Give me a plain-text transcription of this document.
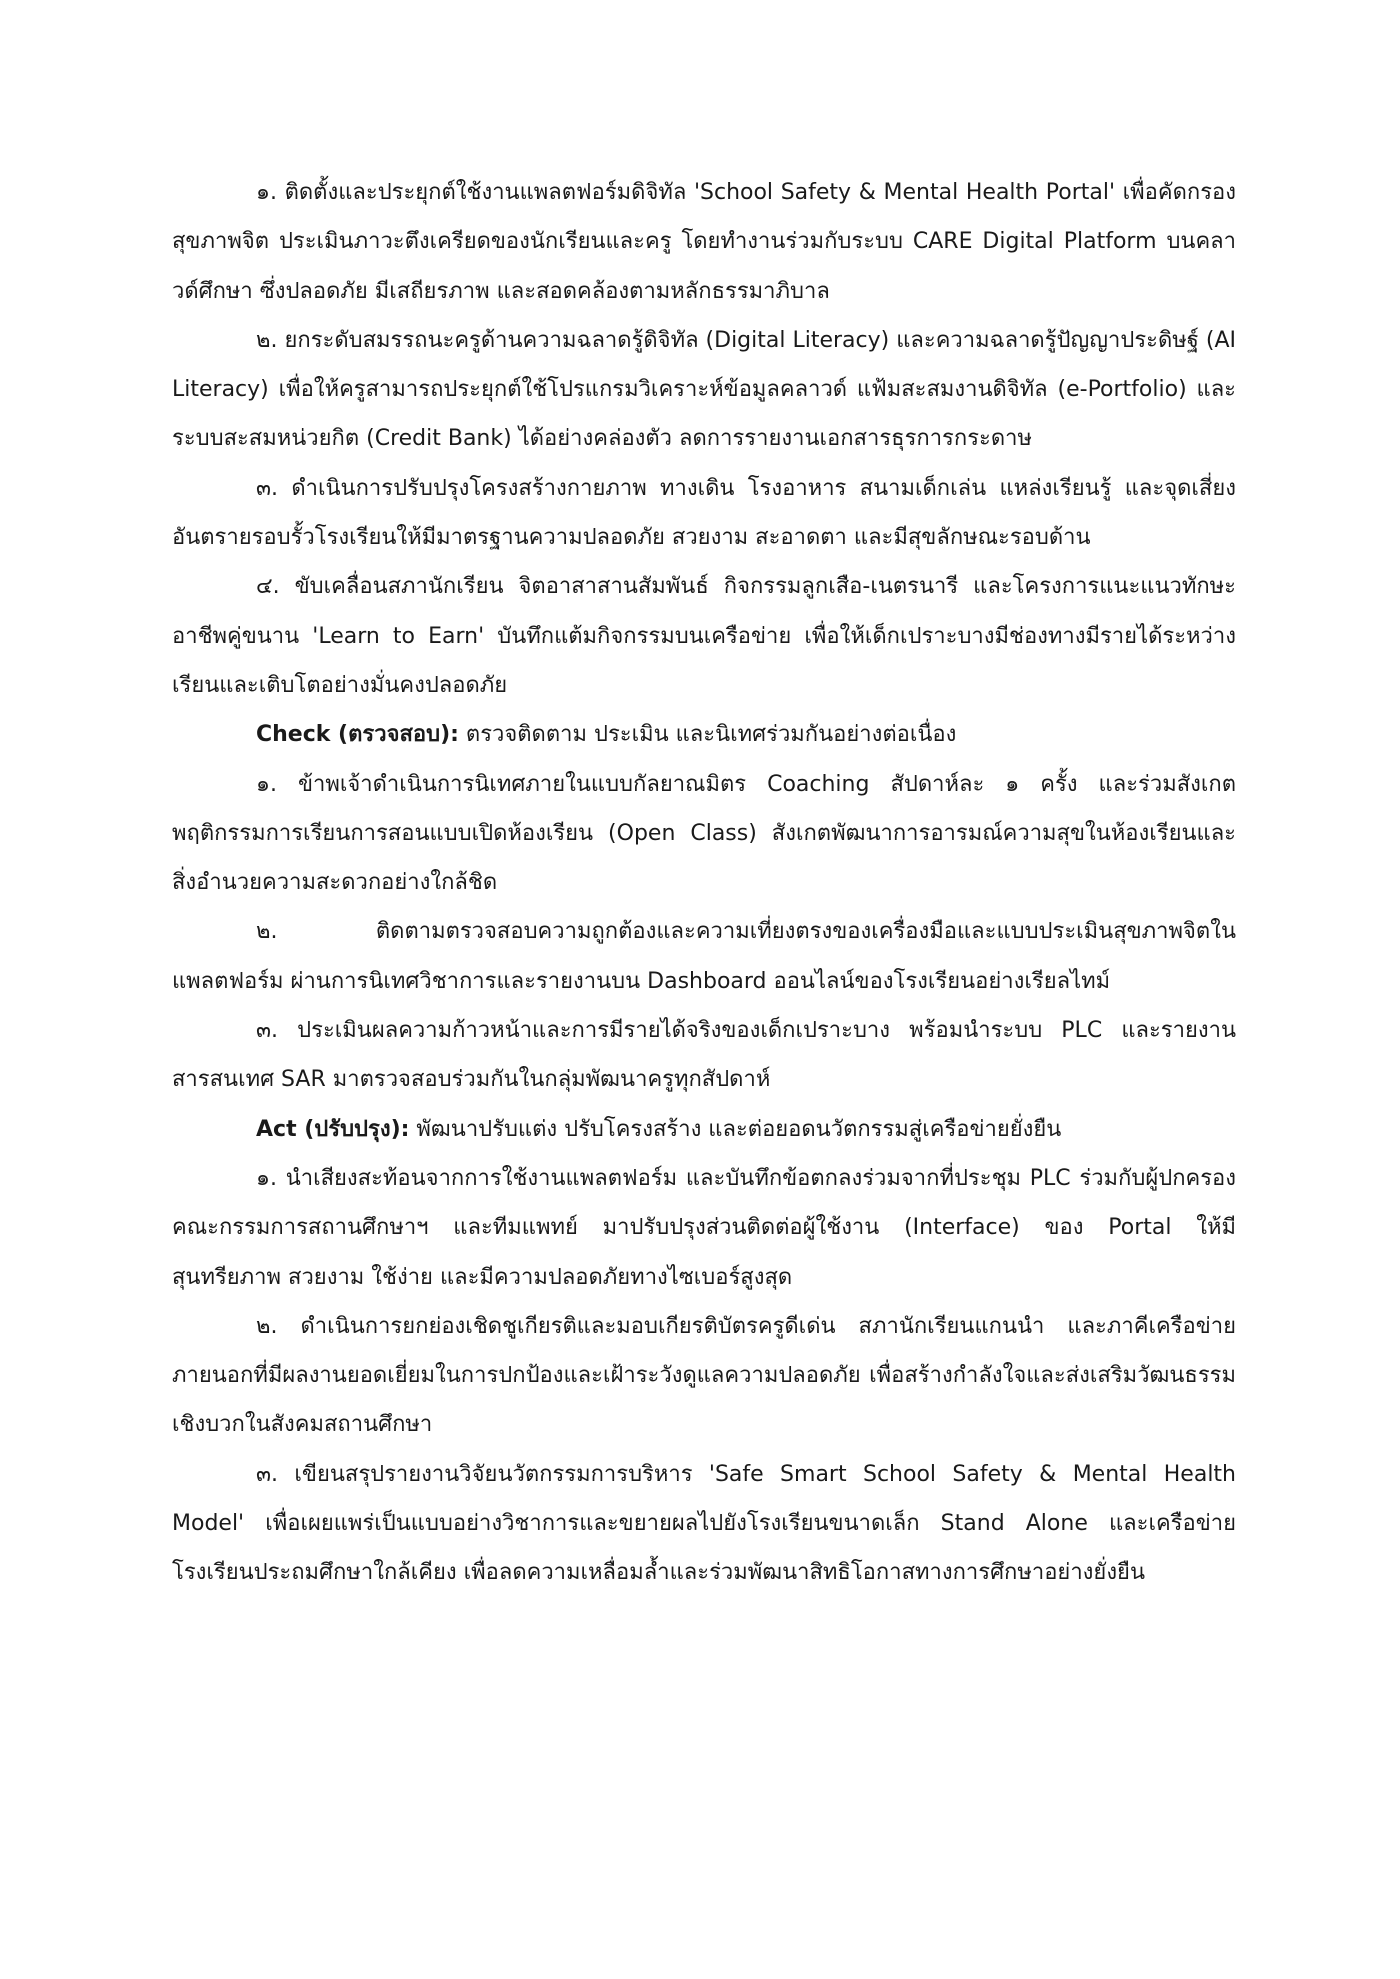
๑. ติดตั้งและประยุกต์ใช้งานแพลตฟอร์มดิจิทัล 'School Safety & Mental Health Portal' เพื่อคัดกรองสุขภาพจิต ประเมินภาวะตึงเครียดของนักเรียนและครู โดยทำงานร่วมกับระบบ CARE Digital Platform บนคลาวด์ศึกษา ซึ่งปลอดภัย มีเสถียรภาพ และสอดคล้องตามหลักธรรมาภิบาล

๒. ยกระดับสมรรถนะครูด้านความฉลาดรู้ดิจิทัล (Digital Literacy) และความฉลาดรู้ปัญญาประดิษฐ์ (AI Literacy) เพื่อให้ครูสามารถประยุกต์ใช้โปรแกรมวิเคราะห์ข้อมูลคลาวด์ แฟ้มสะสมงานดิจิทัล (e-Portfolio) และระบบสะสมหน่วยกิต (Credit Bank) ได้อย่างคล่องตัว ลดการรายงานเอกสารธุรการกระดาษ

๓. ดำเนินการปรับปรุงโครงสร้างกายภาพ ทางเดิน โรงอาหาร สนามเด็กเล่น แหล่งเรียนรู้ และจุดเสี่ยงอันตรายรอบรั้วโรงเรียนให้มีมาตรฐานความปลอดภัย สวยงาม สะอาดตา และมีสุขลักษณะรอบด้าน

๔. ขับเคลื่อนสภานักเรียน จิตอาสาสานสัมพันธ์ กิจกรรมลูกเสือ-เนตรนารี และโครงการแนะแนวทักษะอาชีพคู่ขนาน 'Learn to Earn' บันทึกแต้มกิจกรรมบนเครือข่าย เพื่อให้เด็กเปราะบางมีช่องทางมีรายได้ระหว่างเรียนและเติบโตอย่างมั่นคงปลอดภัย

Check (ตรวจสอบ): ตรวจติดตาม ประเมิน และนิเทศร่วมกันอย่างต่อเนื่อง

๑. ข้าพเจ้าดำเนินการนิเทศภายในแบบกัลยาณมิตร Coaching สัปดาห์ละ ๑ ครั้ง และร่วมสังเกตพฤติกรรมการเรียนการสอนแบบเปิดห้องเรียน (Open Class) สังเกตพัฒนาการอารมณ์ความสุขในห้องเรียนและสิ่งอำนวยความสะดวกอย่างใกล้ชิด

๒. ติดตามตรวจสอบความถูกต้องและความเที่ยงตรงของเครื่องมือและแบบประเมินสุขภาพจิตในแพลตฟอร์ม ผ่านการนิเทศวิชาการและรายงานบน Dashboard ออนไลน์ของโรงเรียนอย่างเรียลไทม์

๓. ประเมินผลความก้าวหน้าและการมีรายได้จริงของเด็กเปราะบาง พร้อมนำระบบ PLC และรายงานสารสนเทศ SAR มาตรวจสอบร่วมกันในกลุ่มพัฒนาครูทุกสัปดาห์

Act (ปรับปรุง): พัฒนาปรับแต่ง ปรับโครงสร้าง และต่อยอดนวัตกรรมสู่เครือข่ายยั่งยืน

๑. นำเสียงสะท้อนจากการใช้งานแพลตฟอร์ม และบันทึกข้อตกลงร่วมจากที่ประชุม PLC ร่วมกับผู้ปกครอง คณะกรรมการสถานศึกษาฯ และทีมแพทย์ มาปรับปรุงส่วนติดต่อผู้ใช้งาน (Interface) ของ Portal ให้มีสุนทรียภาพ สวยงาม ใช้ง่าย และมีความปลอดภัยทางไซเบอร์สูงสุด

๒. ดำเนินการยกย่องเชิดชูเกียรติและมอบเกียรติบัตรครูดีเด่น สภานักเรียนแกนนำ และภาคีเครือข่ายภายนอกที่มีผลงานยอดเยี่ยมในการปกป้องและเฝ้าระวังดูแลความปลอดภัย เพื่อสร้างกำลังใจและส่งเสริมวัฒนธรรมเชิงบวกในสังคมสถานศึกษา

๓. เขียนสรุปรายงานวิจัยนวัตกรรมการบริหาร 'Safe Smart School Safety & Mental Health Model' เพื่อเผยแพร่เป็นแบบอย่างวิชาการและขยายผลไปยังโรงเรียนขนาดเล็ก Stand Alone และเครือข่ายโรงเรียนประถมศึกษาใกล้เคียง เพื่อลดความเหลื่อมล้ำและร่วมพัฒนาสิทธิโอกาสทางการศึกษาอย่างยั่งยืน
